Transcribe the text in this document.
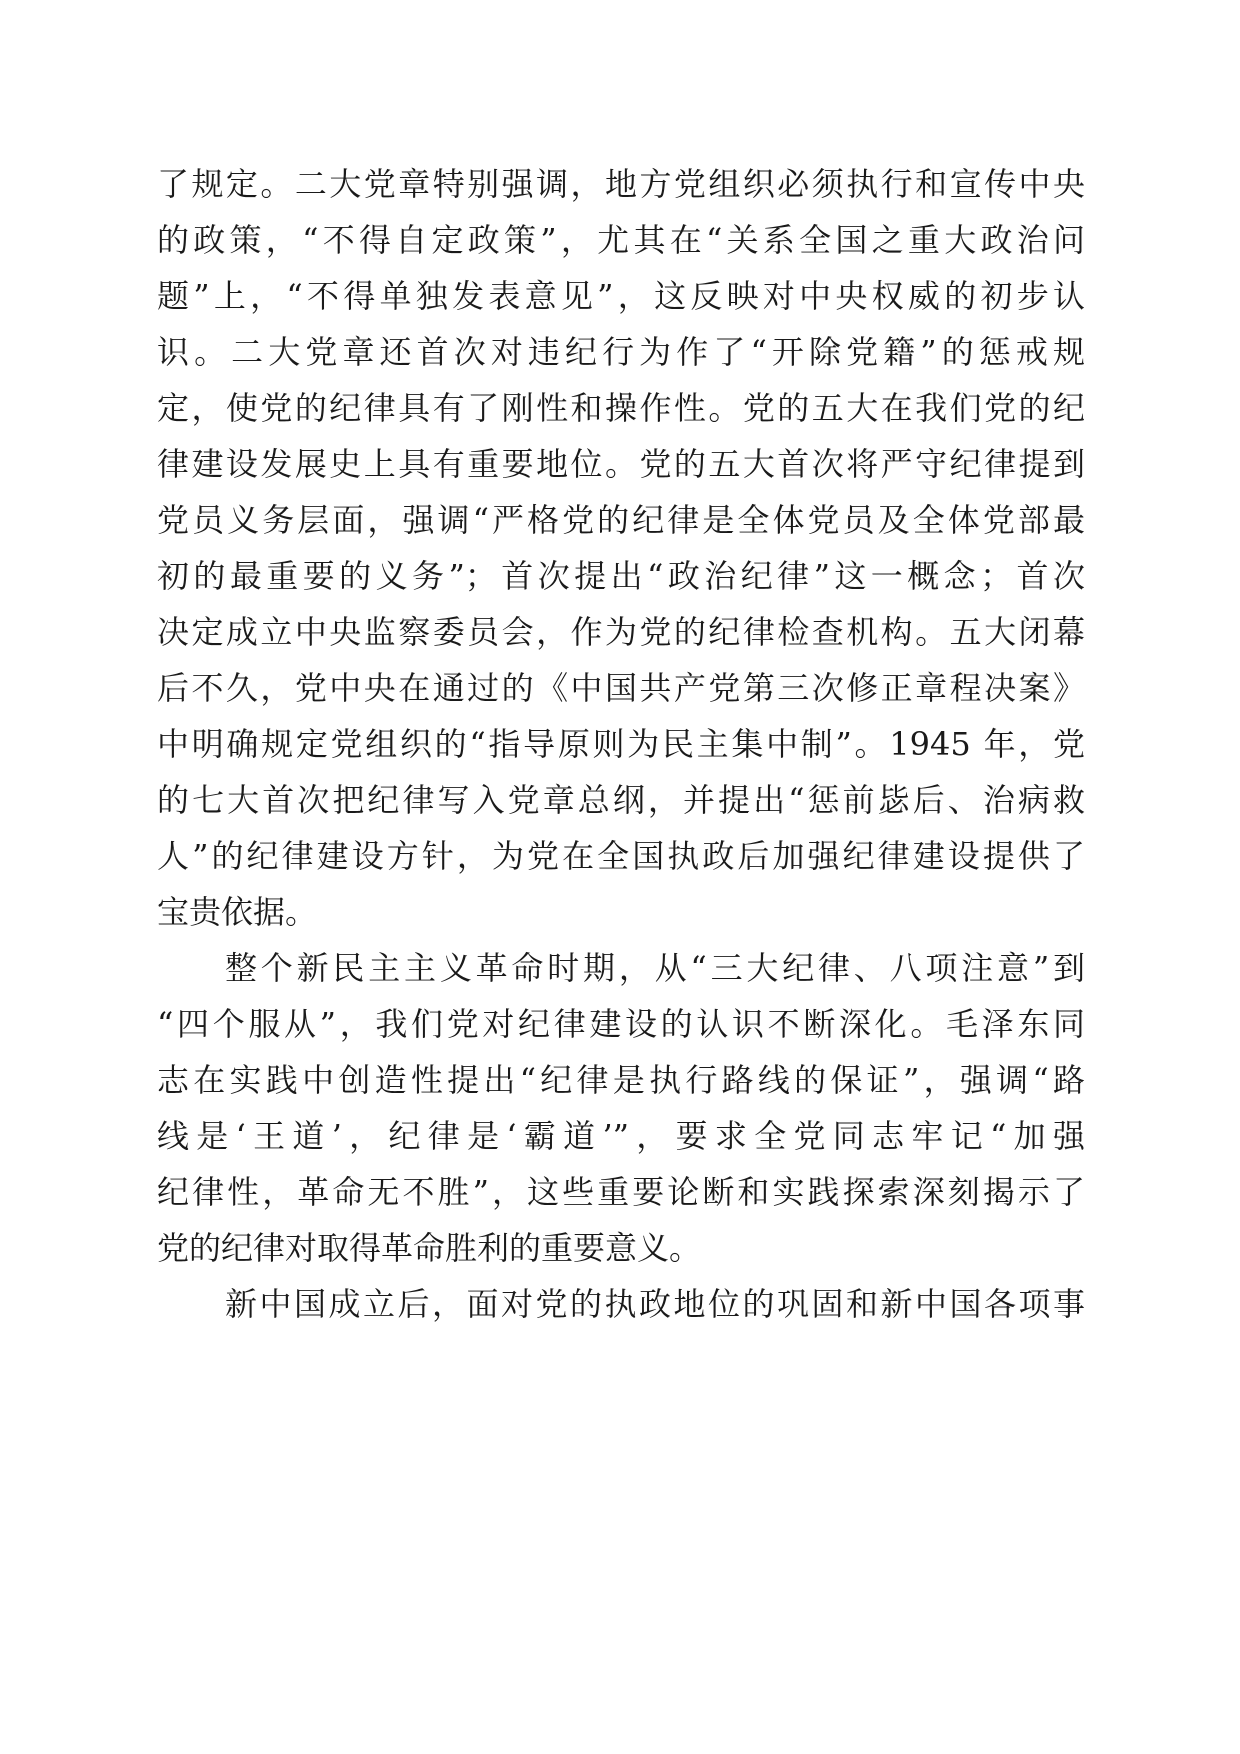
了规定。二大党章特别强调，地方党组织必须执行和宣传中央
的政策，“不得自定政策”，尤其在“关系全国之重大政治问
题”上，“不得单独发表意见”，这反映对中央权威的初步认
识。二大党章还首次对违纪行为作了“开除党籍”的惩戒规
定，使党的纪律具有了刚性和操作性。党的五大在我们党的纪
律建设发展史上具有重要地位。党的五大首次将严守纪律提到
党员义务层面，强调“严格党的纪律是全体党员及全体党部最
初的最重要的义务”；首次提出“政治纪律”这一概念；首次
决定成立中央监察委员会，作为党的纪律检查机构。五大闭幕
后不久，党中央在通过的《中国共产党第三次修正章程决案》
中明确规定党组织的“指导原则为民主集中制”。1945 年，党
的七大首次把纪律写入党章总纲，并提出“惩前毖后、治病救
人”的纪律建设方针，为党在全国执政后加强纪律建设提供了
宝贵依据。
整个新民主主义革命时期，从“三大纪律、八项注意”到
“四个服从”，我们党对纪律建设的认识不断深化。毛泽东同
志在实践中创造性提出“纪律是执行路线的保证”，强调“路
线是‘王道’，纪律是‘霸道’”，要求全党同志牢记“加强
纪律性，革命无不胜”，这些重要论断和实践探索深刻揭示了
党的纪律对取得革命胜利的重要意义。
新中国成立后，面对党的执政地位的巩固和新中国各项事
